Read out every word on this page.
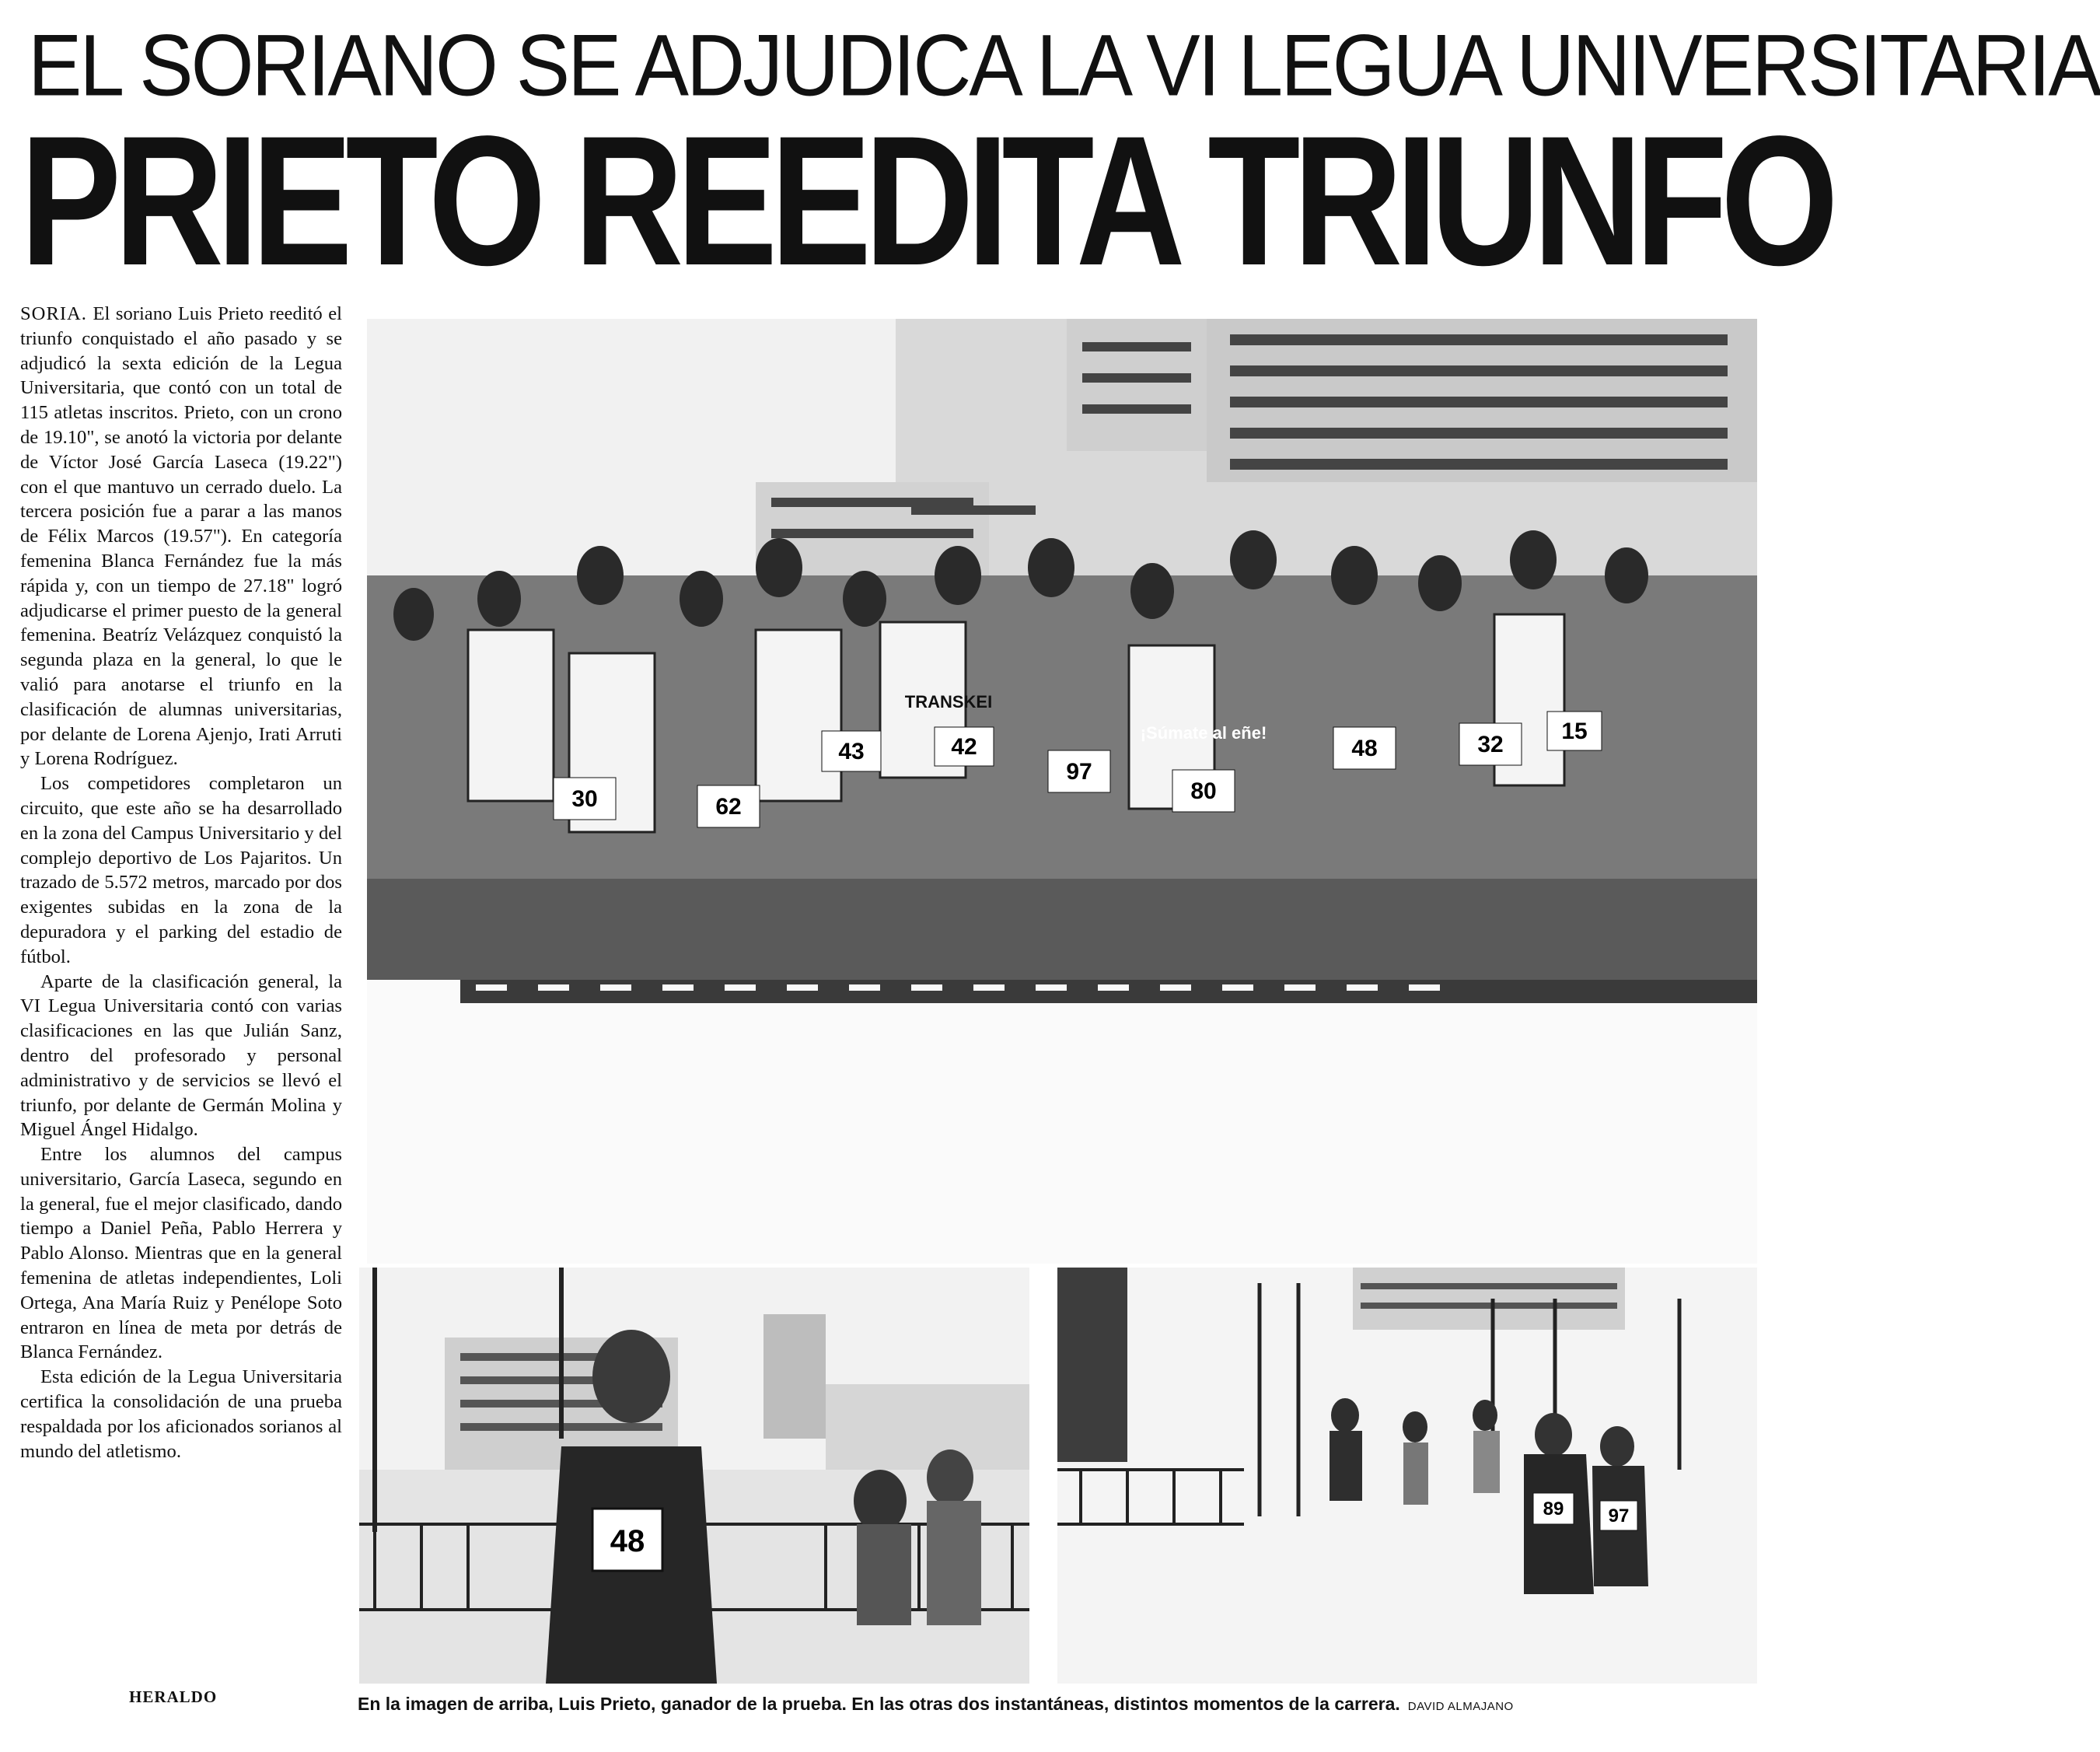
EL SORIANO SE ADJUDICA LA VI LEGUA UNIVERSITARIA
PRIETO REEDITA TRIUNFO

SORIA. El soriano Luis Prieto reeditó el triunfo conquistado el año pasado y se adjudicó la sexta edición de la Legua Universitaria, que contó con un total de 115 atletas inscritos. Prieto, con un crono de 19.10", se anotó la victoria por delante de Víctor José García Laseca (19.22") con el que mantuvo un cerrado duelo. La tercera posición fue a parar a las manos de Félix Marcos (19.57"). En categoría femenina Blanca Fernández fue la más rápida y, con un tiempo de 27.18" logró adjudicarse el primer puesto de la general femenina. Beatríz Velázquez conquistó la segunda plaza en la general, lo que le valió para anotarse el triunfo en la clasificación de alumnas universitarias, por delante de Lorena Ajenjo, Irati Arruti y Lorena Rodríguez.

Los competidores completaron un circuito, que este año se ha desarrollado en la zona del Campus Universitario y del complejo deportivo de Los Pajaritos. Un trazado de 5.572 metros, marcado por dos exigentes subidas en la zona de la depuradora y el parking del estadio de fútbol.

Aparte de la clasificación general, la VI Legua Universitaria contó con varias clasificaciones en las que Julián Sanz, dentro del profesorado y personal administrativo y de servicios se llevó el triunfo, por delante de Germán Molina y Miguel Ángel Hidalgo.

Entre los alumnos del campus universitario, García Laseca, segundo en la general, fue el mejor clasificado, dando tiempo a Daniel Peña, Pablo Herrera y Pablo Alonso. Mientras que en la general femenina de atletas independientes, Loli Ortega, Ana María Ruiz y Penélope Soto entraron en línea de meta por detrás de Blanca Fernández.

Esta edición de la Legua Universitaria certifica la consolidación de una prueba respaldada por los aficionados sorianos al mundo del atletismo.

HERALDO
30	62
43	42
97
80
48	32
15
TRANSKEI
¡Súmate al eñe!
48
89 97
En la imagen de arriba, Luis Prieto, ganador de la prueba. En las otras dos instantáneas, distintos momentos de la carrera. DAVID ALMAJANO
